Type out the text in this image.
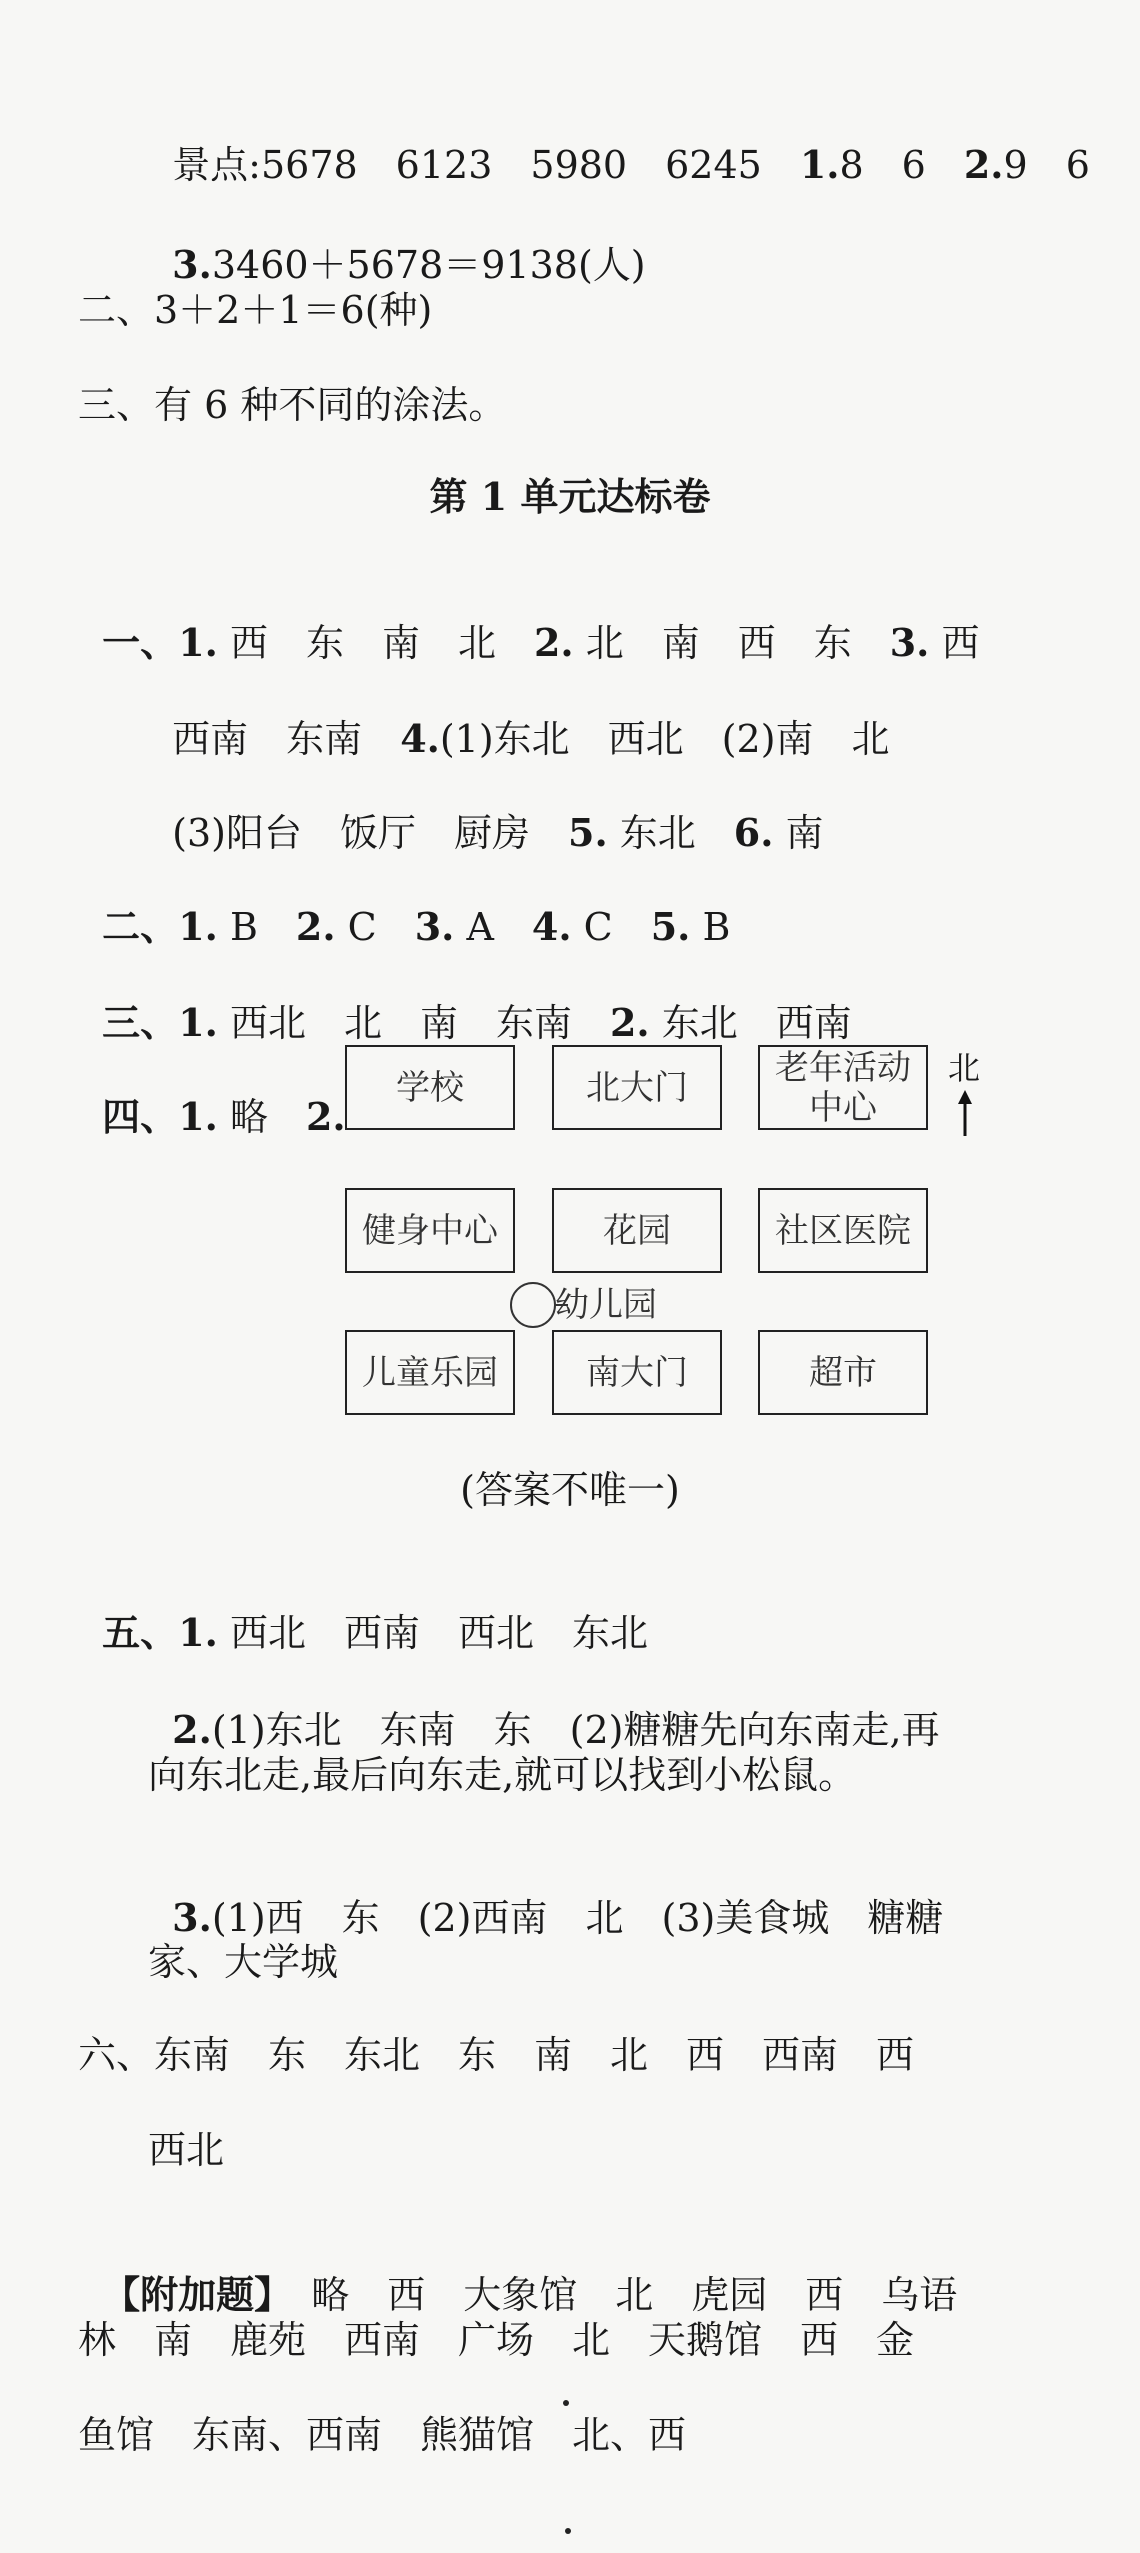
景点:5678　6123　5980　6245　1.8　6　2.9　6

3.3460＋5678＝9138(人)

二、3＋2＋1＝6(种)
三、有 6 种不同的涂法。
第 1 单元达标卷

一、1. 西　东　南　北　2. 北　南　西　东　3. 西

西南　东南　4.(1)东北　西北　(2)南　北

(3)阳台　饭厅　厨房　5. 东北　6. 南

二、1. B　2. C　3. A　4. C　5. B

三、1. 西北　北　南　东南　2. 东北　西南

四、1. 略　2.

学校	北大门	老年活动中心
北
健身中心	花园	社区医院
幼儿园
儿童乐园	南大门	超市
(答案不唯一)

五、1. 西北　西南　西北　东北

2.(1)东北　东南　东　(2)糖糖先向东南走,再

向东北走,最后向东走,就可以找到小松鼠。

3.(1)西　东　(2)西南　北　(3)美食城　糖糖

家、大学城
六、东南　东　东北　东　南　北　西　西南　西
西北

【附加题】　略　西　大象馆　北　虎园　西　乌语

林　南　鹿苑　西南　广场　北　天鹅馆　西　金
鱼馆　东南、西南　熊猫馆　北、西
